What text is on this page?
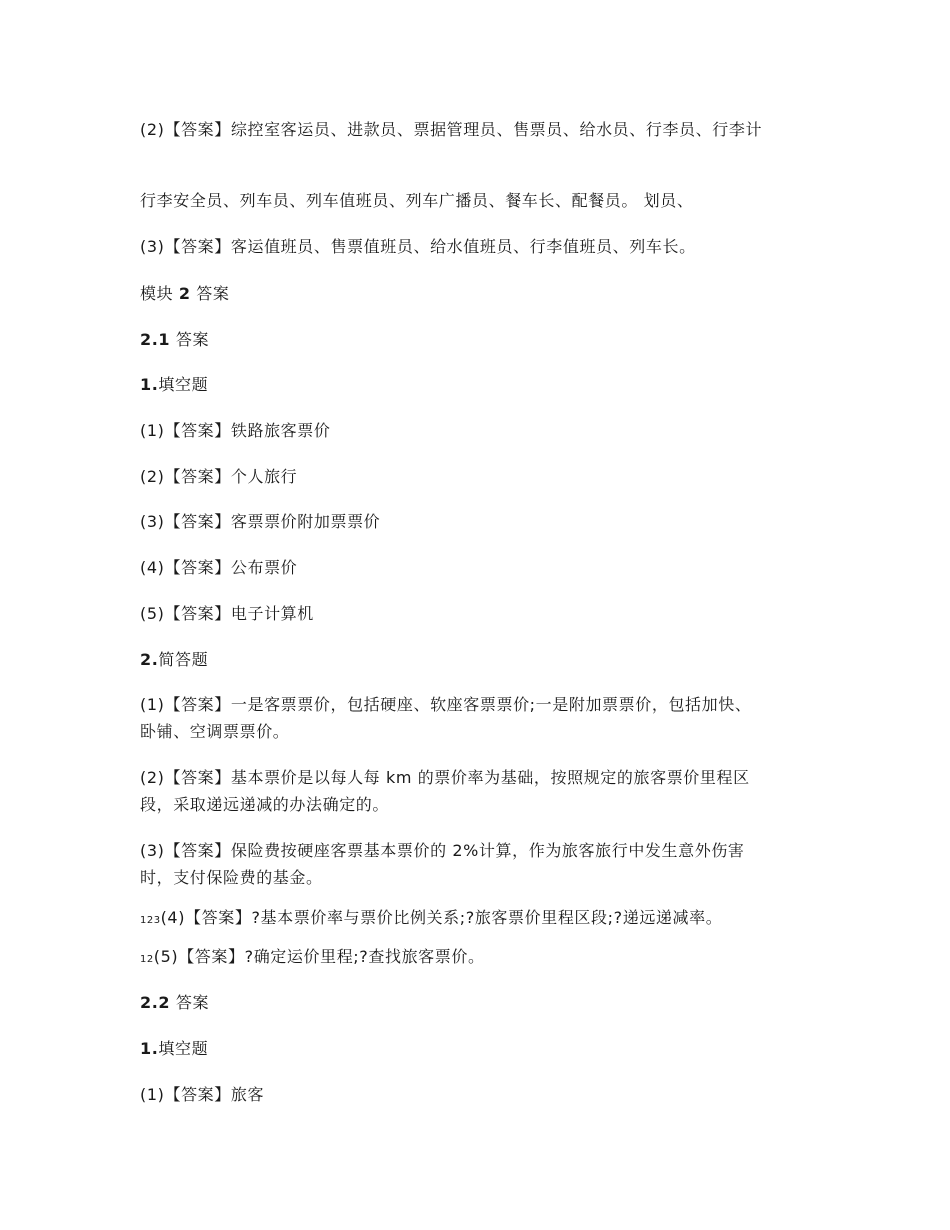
(2)【答案】综控室客运员、进款员、票据管理员、售票员、给水员、行李员、行李计
行李安全员、列车员、列车值班员、列车广播员、餐车长、配餐员。 划员、
(3)【答案】客运值班员、售票值班员、给水值班员、行李值班员、列车长。
模块 2 答案
2.1 答案
1.填空题
(1)【答案】铁路旅客票价
(2)【答案】个人旅行
(3)【答案】客票票价附加票票价
(4)【答案】公布票价
(5)【答案】电子计算机
2.简答题
(1)【答案】一是客票票价，包括硬座、软座客票票价;一是附加票票价，包括加快、
卧铺、空调票票价。
(2)【答案】基本票价是以每人每 km 的票价率为基础，按照规定的旅客票价里程区
段，采取递远递减的办法确定的。
(3)【答案】保险费按硬座客票基本票价的 2%计算，作为旅客旅行中发生意外伤害
时，支付保险费的基金。
123(4)【答案】?基本票价率与票价比例关系;?旅客票价里程区段;?递远递减率。
12(5)【答案】?确定运价里程;?查找旅客票价。
2.2 答案
1.填空题
(1)【答案】旅客
